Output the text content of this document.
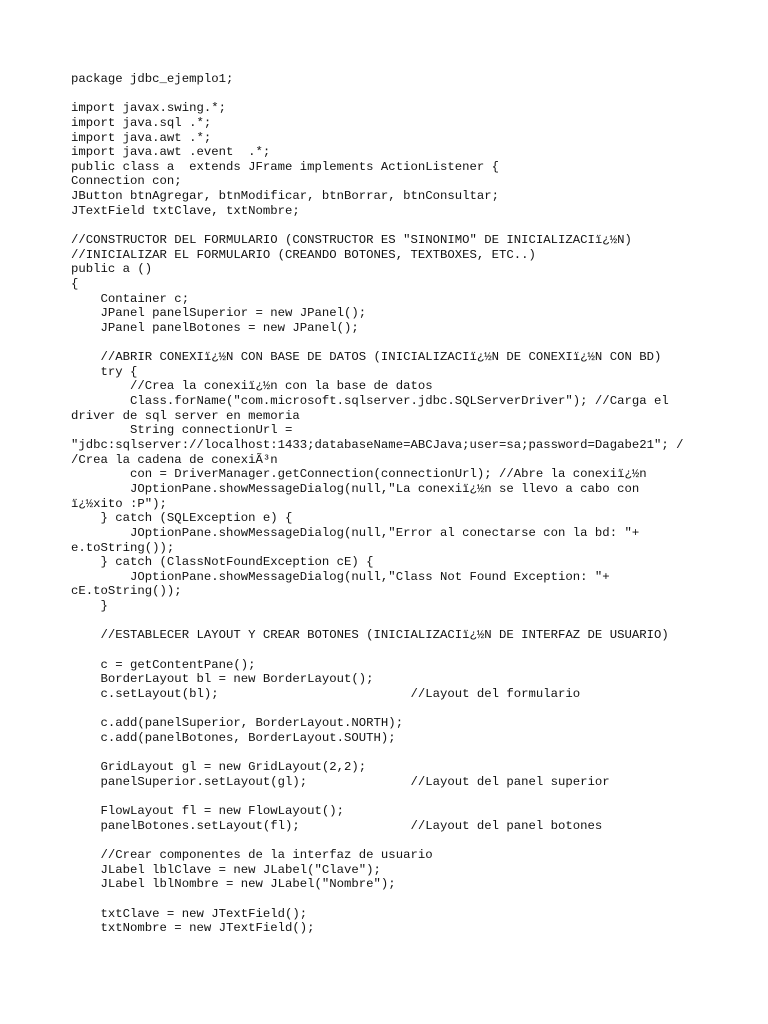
package jdbc_ejemplo1;
import javax.swing.*;
import java.sql .*;
import java.awt .*;
import java.awt .event  .*;
public class a  extends JFrame implements ActionListener {
Connection con;
JButton btnAgregar, btnModificar, btnBorrar, btnConsultar;
JTextField txtClave, txtNombre;
//CONSTRUCTOR DEL FORMULARIO (CONSTRUCTOR ES "SINONIMO" DE INICIALIZACIï¿½N)
//INICIALIZAR EL FORMULARIO (CREANDO BOTONES, TEXTBOXES, ETC..)
public a ()
{
Container c;
JPanel panelSuperior = new JPanel();
JPanel panelBotones = new JPanel();
//ABRIR CONEXIï¿½N CON BASE DE DATOS (INICIALIZACIï¿½N DE CONEXIï¿½N CON BD)
try {
//Crea la conexiï¿½n con la base de datos
Class.forName("com.microsoft.sqlserver.jdbc.SQLServerDriver"); //Carga el
driver de sql server en memoria
String connectionUrl =
"jdbc:sqlserver://localhost:1433;databaseName=ABCJava;user=sa;password=Dagabe21"; /
/Crea la cadena de conexiÃ³n
con = DriverManager.getConnection(connectionUrl); //Abre la conexiï¿½n
JOptionPane.showMessageDialog(null,"La conexiï¿½n se llevo a cabo con
ï¿½xito :P");
} catch (SQLException e) {
JOptionPane.showMessageDialog(null,"Error al conectarse con la bd: "+
e.toString());
} catch (ClassNotFoundException cE) {
JOptionPane.showMessageDialog(null,"Class Not Found Exception: "+
cE.toString());
}
//ESTABLECER LAYOUT Y CREAR BOTONES (INICIALIZACIï¿½N DE INTERFAZ DE USUARIO)
c = getContentPane();
BorderLayout bl = new BorderLayout();
c.setLayout(bl);                          //Layout del formulario
c.add(panelSuperior, BorderLayout.NORTH);
c.add(panelBotones, BorderLayout.SOUTH);
GridLayout gl = new GridLayout(2,2);
panelSuperior.setLayout(gl);              //Layout del panel superior
FlowLayout fl = new FlowLayout();
panelBotones.setLayout(fl);               //Layout del panel botones
//Crear componentes de la interfaz de usuario
JLabel lblClave = new JLabel("Clave");
JLabel lblNombre = new JLabel("Nombre");
txtClave = new JTextField();
txtNombre = new JTextField();
